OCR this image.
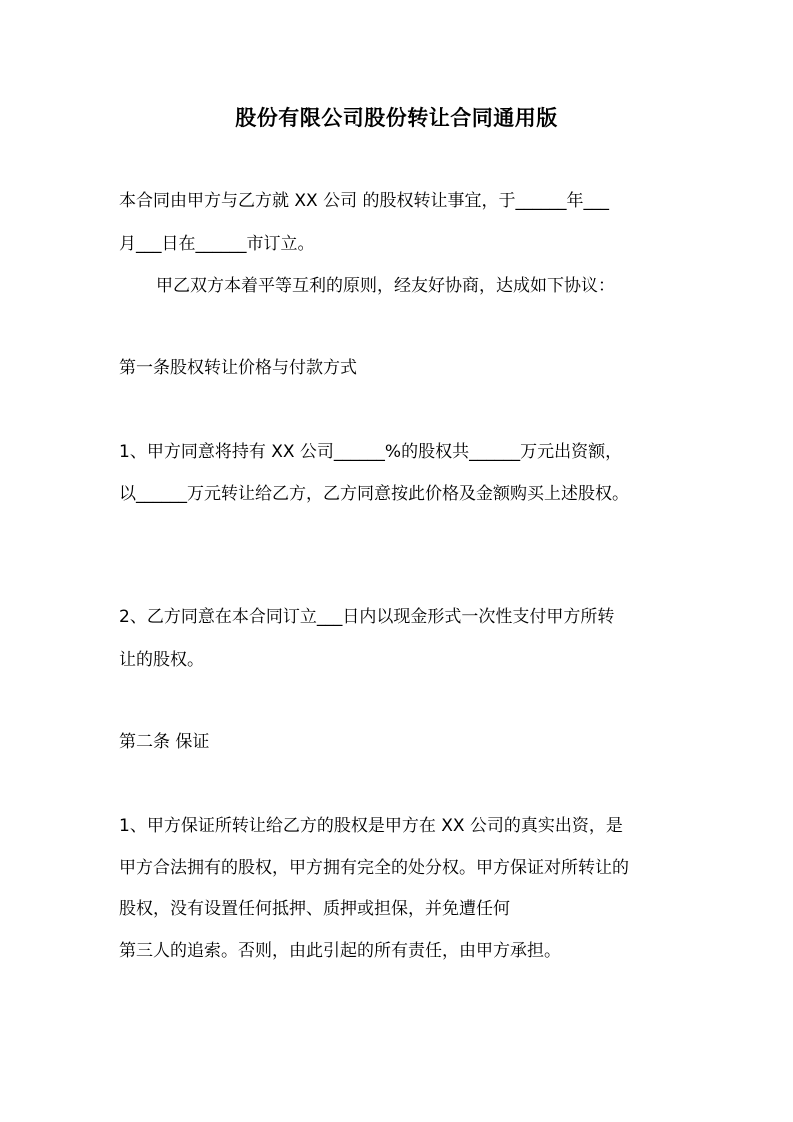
股份有限公司股份转让合同通用版

本合同由甲方与乙方就 XX 公司 的股权转让事宜，于______年___

月___日在______市订立。

甲乙双方本着平等互利的原则，经友好协商，达成如下协议：

第一条股权转让价格与付款方式

1、甲方同意将持有 XX 公司______%的股权共______万元出资额，

以______万元转让给乙方，乙方同意按此价格及金额购买上述股权。

2、乙方同意在本合同订立___日内以现金形式一次性支付甲方所转

让的股权。

第二条 保证

1、甲方保证所转让给乙方的股权是甲方在 XX 公司的真实出资，是

甲方合法拥有的股权，甲方拥有完全的处分权。甲方保证对所转让的

股权，没有设置任何抵押、质押或担保，并免遭任何

第三人的追索。否则，由此引起的所有责任，由甲方承担。
